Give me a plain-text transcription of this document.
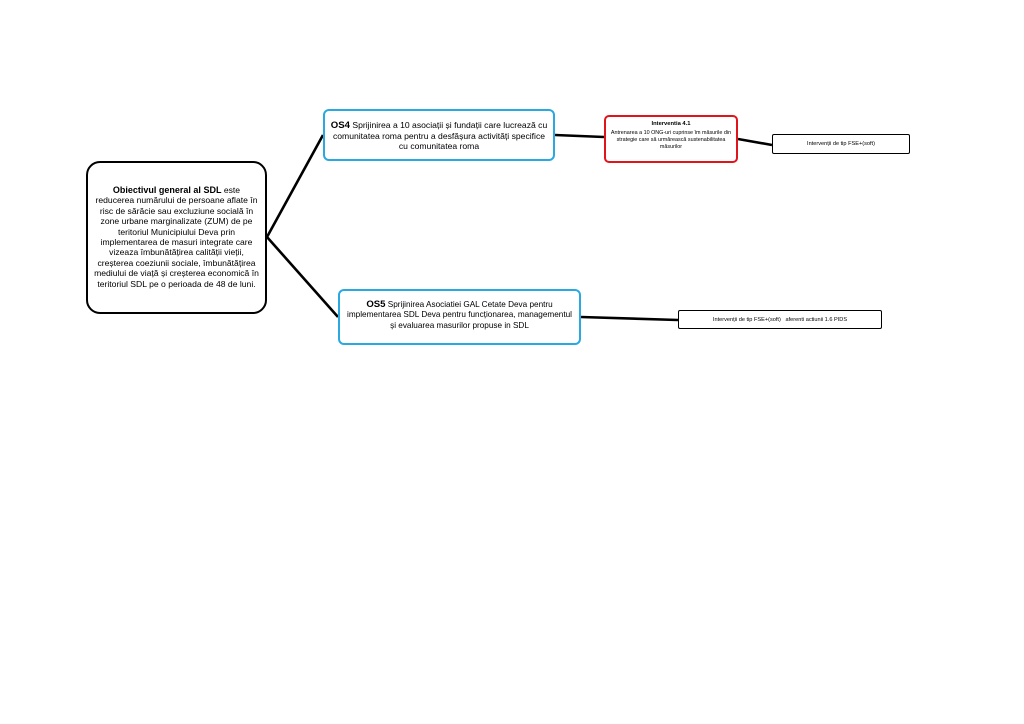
Obiectivul general al SDL este reducerea numărului de persoane aflate în risc de sărăcie sau excluziune socială în zone urbane marginalizate (ZUM) de pe teritoriul Municipiului Deva prin implementarea de masuri integrate care vizeaza îmbunătățirea calității vieții, creșterea coeziunii sociale, îmbunătățirea mediului de viață și creșterea economică în teritoriul SDL pe o perioada de 48 de luni.
OS4 Sprijinirea a 10 asociații și fundații care lucrează cu comunitatea roma pentru a desfășura activități specifice cu comunitatea roma
OS5 Sprijinirea Asociatiei GAL Cetate Deva pentru implementarea SDL Deva pentru funcționarea, managementul și evaluarea masurilor propuse in SDL
Interventia 4.1
Antrenarea a 10 ONG-uri cuprinse îm măsurile din strategie care să urmărească sustenabilitatea măsurilor	Intervenții de tip FSE+(soft)
Intervenții de tip FSE+(soft)   aferenti actiunii 1.6 PIDS
